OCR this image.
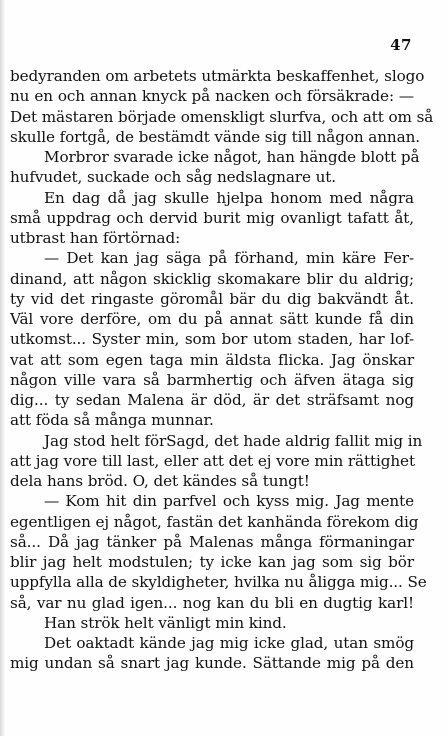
47
bedyranden om arbetets utmärkta beskaffenhet, slogo
nu en och annan knyck på nacken och försäkrade: —
Det mästaren började omenskligt slurfva, och att om så
skulle fortgå, de bestämdt vände sig till någon annan.
Morbror svarade icke något, han hängde blott på
hufvudet, suckade och såg nedslagnare ut.
En dag då jag skulle hjelpa honom med några
små uppdrag och dervid burit mig ovanligt tafatt åt,
utbrast han förtörnad:
— Det kan jag säga på förhand, min käre Fer-
dinand, att någon skicklig skomakare blir du aldrig;
ty vid det ringaste göromål bär du dig bakvändt åt.
Väl vore derföre, om du på annat sätt kunde få din
utkomst... Syster min, som bor utom staden, har lof-
vat att som egen taga min äldsta flicka. Jag önskar
någon ville vara så barmhertig och äfven ätaga sig
dig... ty sedan Malena är död, är det sträfsamt nog
att föda så många munnar.
Jag stod helt förSagd, det hade aldrig fallit mig in
att jag vore till last, eller att det ej vore min rättighet
dela hans bröd. O, det kändes så tungt!
— Kom hit din parfvel och kyss mig. Jag mente
egentligen ej något, fastän det kanhända förekom dig
så... Då jag tänker på Malenas många förmaningar
blir jag helt modstulen; ty icke kan jag som sig bör
uppfylla alla de skyldigheter, hvilka nu åligga mig... Se
så, var nu glad igen... nog kan du bli en dugtig karl!
Han strök helt vänligt min kind.
Det oaktadt kände jag mig icke glad, utan smög
mig undan så snart jag kunde. Sättande mig på den
